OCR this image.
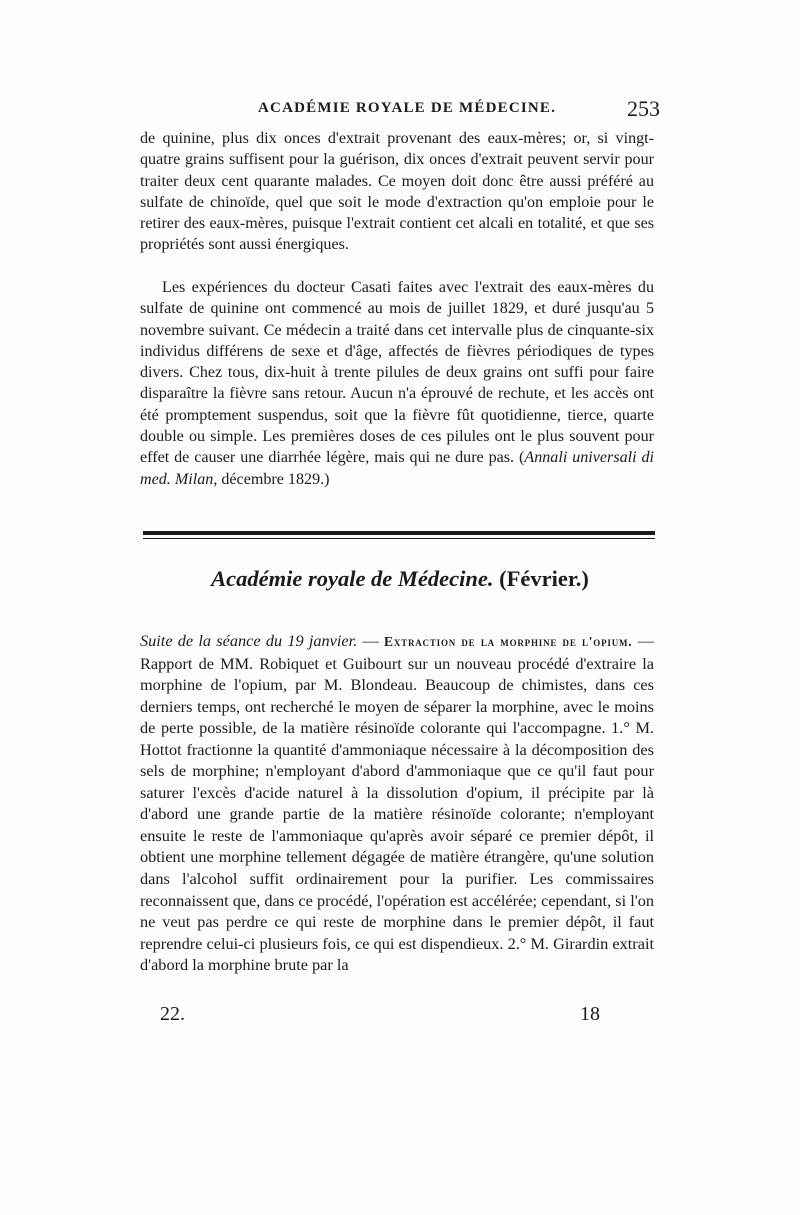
ACADÉMIE ROYALE DE MÉDECINE.	253

de quinine, plus dix onces d'extrait provenant des eaux-mères; or, si vingt-quatre grains suffisent pour la guérison, dix onces d'extrait peuvent servir pour traiter deux cent quarante malades. Ce moyen doit donc être aussi préféré au sulfate de chinoïde, quel que soit le mode d'extraction qu'on emploie pour le retirer des eaux-mères, puisque l'extrait contient cet alcali en totalité, et que ses propriétés sont aussi énergiques.

Les expériences du docteur Casati faites avec l'extrait des eaux-mères du sulfate de quinine ont commencé au mois de juillet 1829, et duré jusqu'au 5 novembre suivant. Ce médecin a traité dans cet intervalle plus de cinquante-six individus différens de sexe et d'âge, affectés de fièvres périodiques de types divers. Chez tous, dix-huit à trente pilules de deux grains ont suffi pour faire disparaître la fièvre sans retour. Aucun n'a éprouvé de rechute, et les accès ont été promptement suspendus, soit que la fièvre fût quotidienne, tierce, quarte double ou simple. Les premières doses de ces pilules ont le plus souvent pour effet de causer une diarrhée légère, mais qui ne dure pas. (Annali universali di med. Milan, décembre 1829.)

Académie royale de Médecine. (Février.)

Suite de la séance du 19 janvier. — Extraction de la morphine de l'opium. — Rapport de MM. Robiquet et Guibourt sur un nouveau procédé d'extraire la morphine de l'opium, par M. Blondeau. Beaucoup de chimistes, dans ces derniers temps, ont recherché le moyen de séparer la morphine, avec le moins de perte possible, de la matière résinoïde colorante qui l'accompagne. 1.° M. Hottot fractionne la quantité d'ammoniaque nécessaire à la décomposition des sels de morphine; n'employant d'abord d'ammoniaque que ce qu'il faut pour saturer l'excès d'acide naturel à la dissolution d'opium, il précipite par là d'abord une grande partie de la matière résinoïde colorante; n'employant ensuite le reste de l'ammoniaque qu'après avoir séparé ce premier dépôt, il obtient une morphine tellement dégagée de matière étrangère, qu'une solution dans l'alcohol suffit ordinairement pour la purifier. Les commissaires reconnaissent que, dans ce procédé, l'opération est accélérée; cependant, si l'on ne veut pas perdre ce qui reste de morphine dans le premier dépôt, il faut reprendre celui-ci plusieurs fois, ce qui est dispendieux. 2.° M. Girardin extrait d'abord la morphine brute par la

22.	18
